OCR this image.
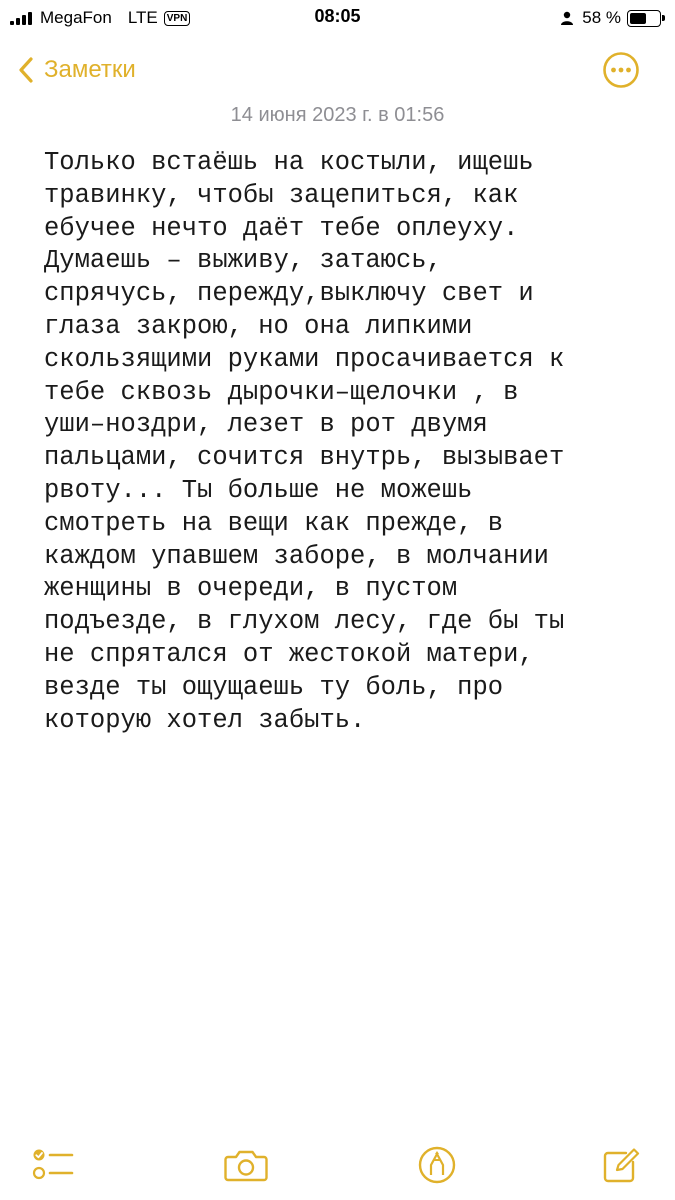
MegaFon LTE VPN	08:05	58 %
Заметки
14 июня 2023 г. в 01:56
Только встаёшь на костыли, ищешь
травинку, чтобы зацепиться, как
ебучее нечто даёт тебе оплеуху.
Думаешь – выживу, затаюсь,
спрячусь, пережду,выключу свет и
глаза закрою, но она липкими
скользящими руками просачивается к
тебе сквозь дырочки–щелочки , в
уши–ноздри, лезет в рот двумя
пальцами, сочится внутрь, вызывает
рвоту... Ты больше не можешь
смотреть на вещи как прежде, в
каждом упавшем заборе, в молчании
женщины в очереди, в пустом
подъезде, в глухом лесу, где бы ты
не спрятался от жестокой матери,
везде ты ощущаешь ту боль, про
которую хотел забыть.
